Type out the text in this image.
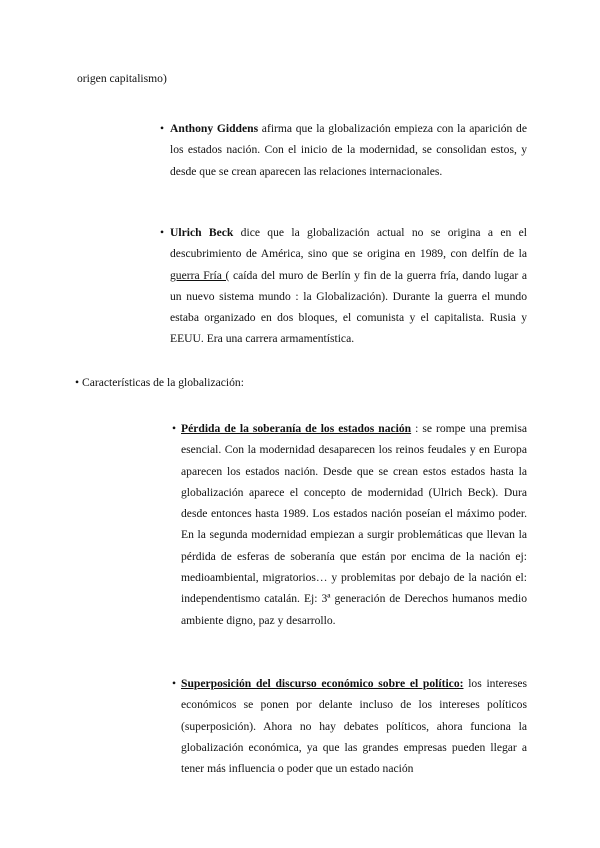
origen capitalismo)
• Anthony Giddens afirma que la globalización empieza con la aparición de los estados nación. Con el inicio de la modernidad, se consolidan estos, y desde que se crean aparecen las relaciones internacionales.
• Ulrich Beck dice que la globalización actual no se origina a en el descubrimiento de América, sino que se origina en 1989, con delfín de la guerra Fría ( caída del muro de Berlín y fin de la guerra fría, dando lugar a un nuevo sistema mundo : la Globalización). Durante la guerra el mundo estaba organizado en dos bloques, el comunista y el capitalista. Rusia y EEUU. Era una carrera armamentística.
• Características de la globalización:
• Pérdida de la soberanía de los estados nación : se rompe una premisa esencial. Con la modernidad desaparecen los reinos feudales y en Europa aparecen los estados nación. Desde que se crean estos estados hasta la globalización aparece el concepto de modernidad (Ulrich Beck). Dura desde entonces hasta 1989. Los estados nación poseían el máximo poder. En la segunda modernidad empiezan a surgir problemáticas que llevan la pérdida de esferas de soberanía que están por encima de la nación ej: medioambiental, migratorios… y problemitas por debajo de la nación el: independentismo catalán. Ej: 3ª generación de Derechos humanos medio ambiente digno, paz y desarrollo.
• Superposición del discurso económico sobre el político: los intereses económicos se ponen por delante incluso de los intereses políticos (superposición). Ahora no hay debates políticos, ahora funciona la globalización económica, ya que las grandes empresas pueden llegar a tener más influencia o poder que un estado nación
